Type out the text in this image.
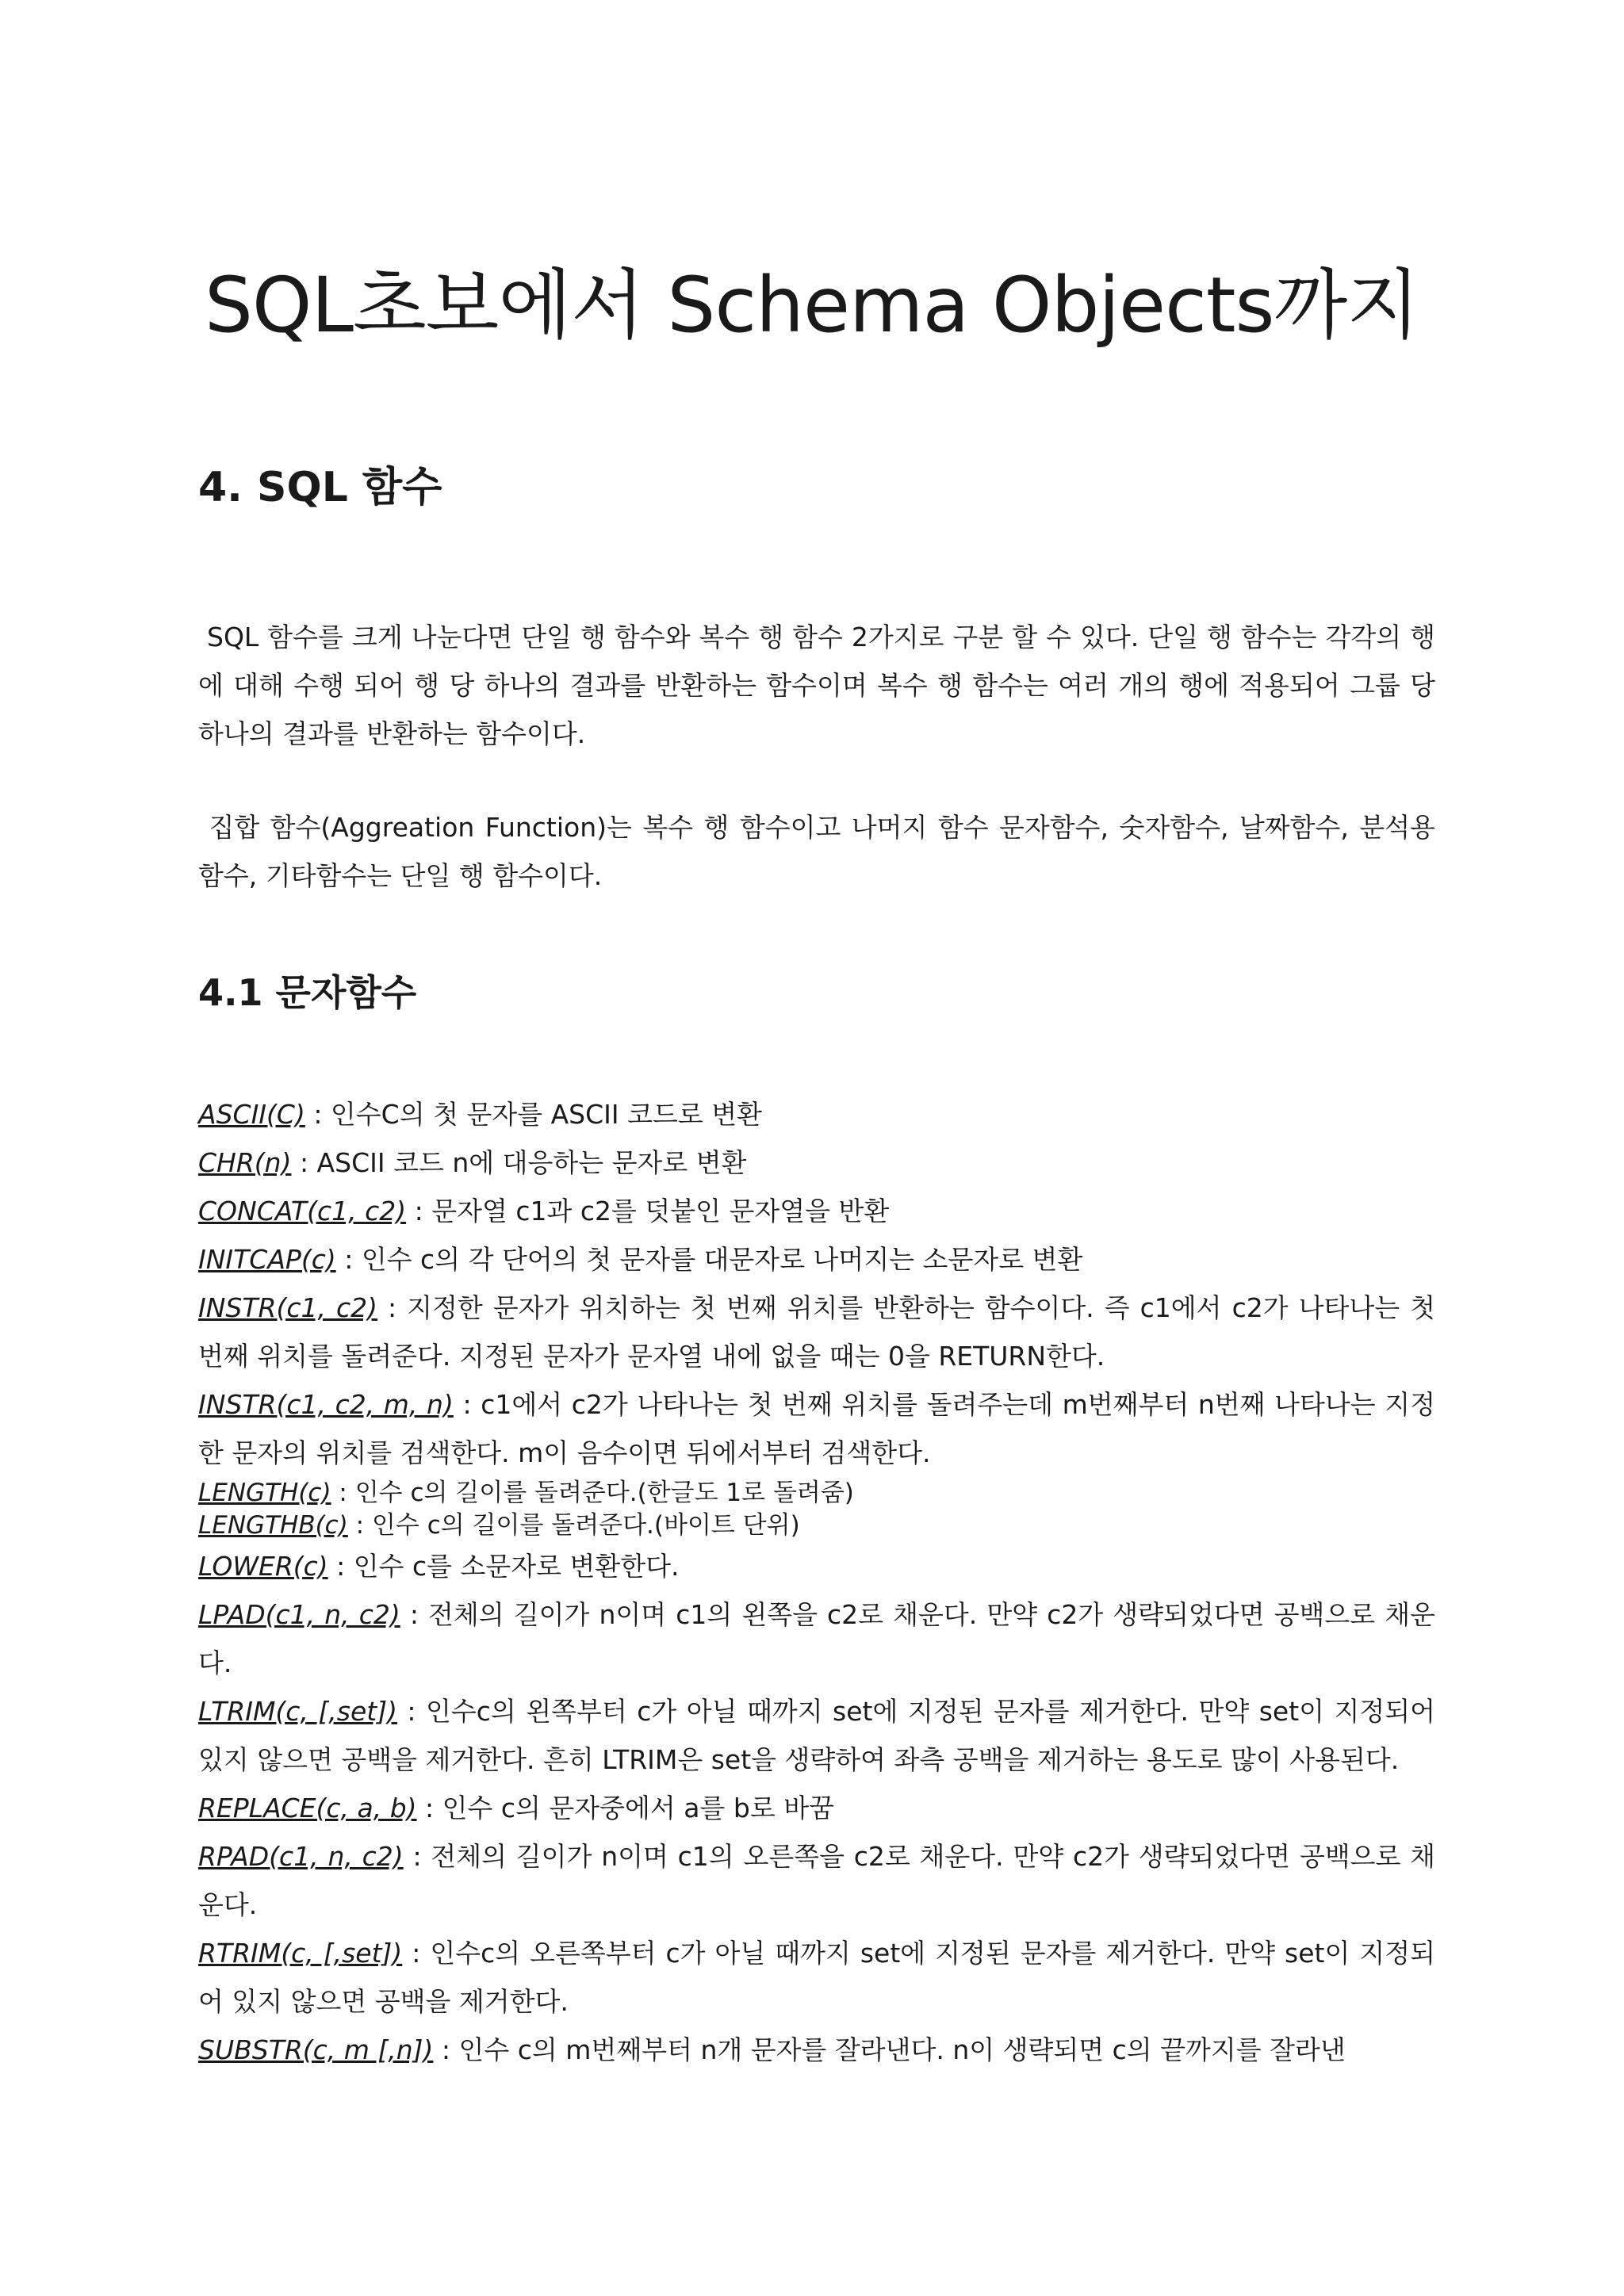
SQL초보에서 Schema Objects까지
4. SQL 함수

SQL 함수를 크게 나눈다면 단일 행 함수와 복수 행 함수 2가지로 구분 할 수 있다. 단일 행 함수는 각각의 행에 대해 수행 되어 행 당 하나의 결과를 반환하는 함수이며 복수 행 함수는 여러 개의 행에 적용되어 그룹 당 하나의 결과를 반환하는 함수이다.

집합 함수(Aggreation Function)는 복수 행 함수이고 나머지 함수 문자함수, 숫자함수, 날짜함수, 분석용 함수, 기타함수는 단일 행 함수이다.

4.1 문자함수

ASCII(C) : 인수C의 첫 문자를 ASCII 코드로 변환

CHR(n) : ASCII 코드 n에 대응하는 문자로 변환

CONCAT(c1, c2) : 문자열 c1과 c2를 덧붙인 문자열을 반환

INITCAP(c) : 인수 c의 각 단어의 첫 문자를 대문자로 나머지는 소문자로 변환

INSTR(c1, c2) : 지정한 문자가 위치하는 첫 번째 위치를 반환하는 함수이다. 즉 c1에서 c2가 나타나는 첫 번째 위치를 돌려준다. 지정된 문자가 문자열 내에 없을 때는 0을 RETURN한다.

INSTR(c1, c2, m, n) : c1에서 c2가 나타나는 첫 번째 위치를 돌려주는데 m번째부터 n번째 나타나는 지정한 문자의 위치를 검색한다. m이 음수이면 뒤에서부터 검색한다.

LENGTH(c) : 인수 c의 길이를 돌려준다.(한글도 1로 돌려줌)

LENGTHB(c) : 인수 c의 길이를 돌려준다.(바이트 단위)

LOWER(c) : 인수 c를 소문자로 변환한다.

LPAD(c1, n, c2) : 전체의 길이가 n이며 c1의 왼쪽을 c2로 채운다. 만약 c2가 생략되었다면 공백으로 채운다.

LTRIM(c, [,set]) : 인수c의 왼쪽부터 c가 아닐 때까지 set에 지정된 문자를 제거한다. 만약 set이 지정되어 있지 않으면 공백을 제거한다. 흔히 LTRIM은 set을 생략하여 좌측 공백을 제거하는 용도로 많이 사용된다.

REPLACE(c, a, b) : 인수 c의 문자중에서 a를 b로 바꿈

RPAD(c1, n, c2) : 전체의 길이가 n이며 c1의 오른쪽을 c2로 채운다. 만약 c2가 생략되었다면 공백으로 채운다.

RTRIM(c, [,set]) : 인수c의 오른쪽부터 c가 아닐 때까지 set에 지정된 문자를 제거한다. 만약 set이 지정되어 있지 않으면 공백을 제거한다.

SUBSTR(c, m [,n]) : 인수 c의 m번째부터 n개 문자를 잘라낸다. n이 생략되면 c의 끝까지를 잘라낸
